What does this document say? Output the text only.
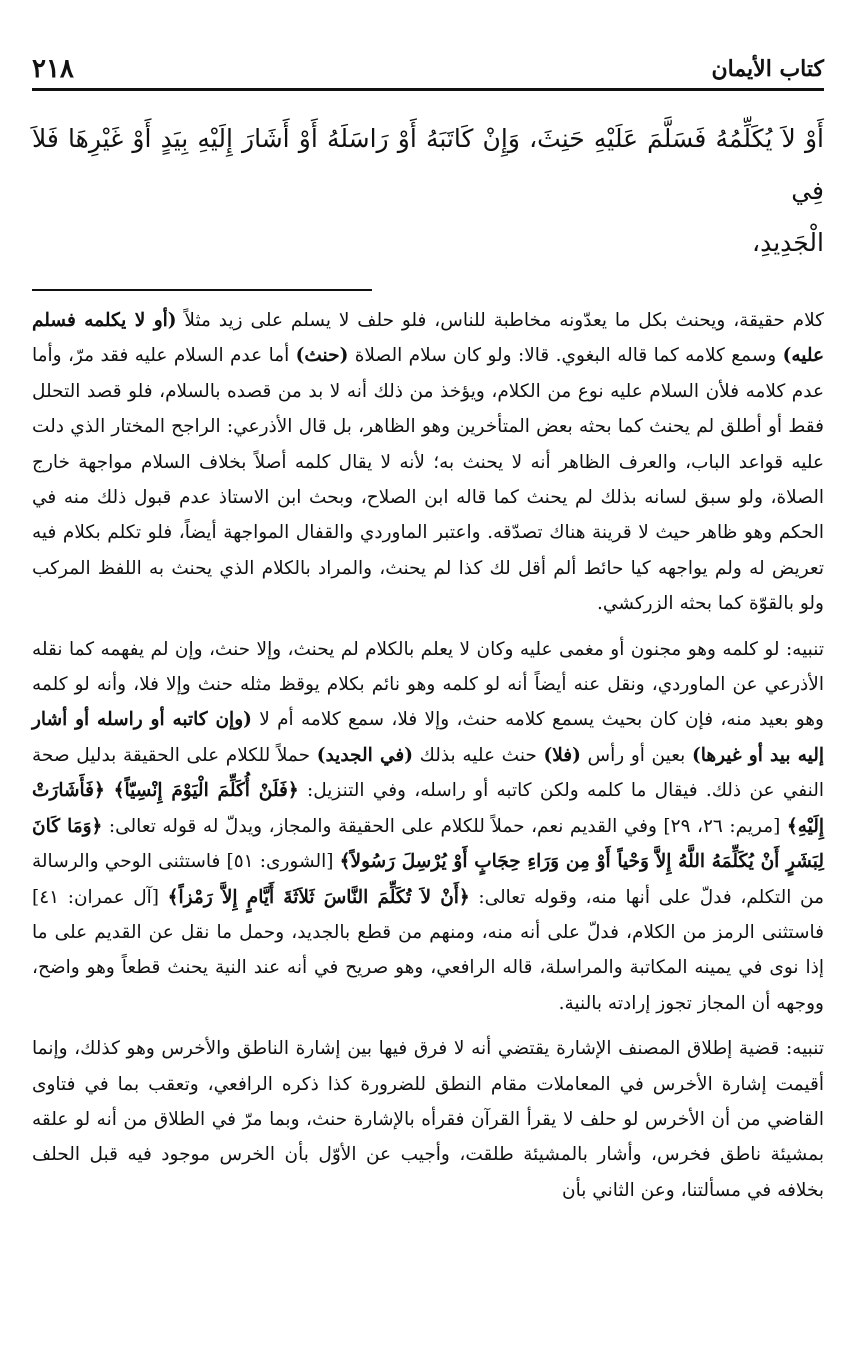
كتاب الأيمان
٢١٨
أَوْ لاَ يُكَلِّمُهُ فَسَلَّمَ عَلَيْهِ حَنِثَ، وَإِنْ كَاتَبَهُ أَوْ رَاسَلَهُ أَوْ أَشَارَ إِلَيْهِ بِيَدٍ أَوْ غَيْرِهَا فَلاَ فِي
الْجَدِيدِ،

كلام حقيقة، ويحنث بكل ما يعدّونه مخاطبة للناس، فلو حلف لا يسلم على زيد مثلاً (أو لا يكلمه فسلم عليه) وسمع كلامه كما قاله البغوي. قالا: ولو كان سلام الصلاة (حنث) أما عدم السلام عليه فقد مرّ، وأما عدم كلامه فلأن السلام عليه نوع من الكلام، ويؤخذ من ذلك أنه لا بد من قصده بالسلام، فلو قصد التحلل فقط أو أطلق لم يحنث كما بحثه بعض المتأخرين وهو الظاهر، بل قال الأذرعي: الراجح المختار الذي دلت عليه قواعد الباب، والعرف الظاهر أنه لا يحنث به؛ لأنه لا يقال كلمه أصلاً بخلاف السلام مواجهة خارج الصلاة، ولو سبق لسانه بذلك لم يحنث كما قاله ابن الصلاح، وبحث ابن الاستاذ عدم قبول ذلك منه في الحكم وهو ظاهر حيث لا قرينة هناك تصدّقه. واعتبر الماوردي والقفال المواجهة أيضاً، فلو تكلم بكلام فيه تعريض له ولم يواجهه كيا حائط ألم أقل لك كذا لم يحنث، والمراد بالكلام الذي يحنث به اللفظ المركب ولو بالقوّة كما بحثه الزركشي.

تنبيه: لو كلمه وهو مجنون أو مغمى عليه وكان لا يعلم بالكلام لم يحنث، وإلا حنث، وإن لم يفهمه كما نقله الأذرعي عن الماوردي، ونقل عنه أيضاً أنه لو كلمه وهو نائم بكلام يوقظ مثله حنث وإلا فلا، وأنه لو كلمه وهو بعيد منه، فإن كان بحيث يسمع كلامه حنث، وإلا فلا، سمع كلامه أم لا (وإن كاتبه أو راسله أو أشار إليه بيد أو غيرها) بعين أو رأس (فلا) حنث عليه بذلك (في الجديد) حملاً للكلام على الحقيقة بدليل صحة النفي عن ذلك. فيقال ما كلمه ولكن كاتبه أو راسله، وفي التنزيل: ﴿فَلَنْ أُكَلِّمَ الْيَوْمَ إِنْسِيّاً﴾ ﴿فَأَشَارَتْ إِلَيْهِ﴾ [مريم: ٢٦، ٢٩] وفي القديم نعم، حملاً للكلام على الحقيقة والمجاز، ويدلّ له قوله تعالى: ﴿وَمَا كَانَ لِبَشَرٍ أَنْ يُكَلِّمَهُ اللَّهُ إِلاَّ وَحْياً أَوْ مِن وَرَاءِ حِجَابٍ أَوْ يُرْسِلَ رَسُولاً﴾ [الشورى: ٥١] فاستثنى الوحي والرسالة من التكلم، فدلّ على أنها منه، وقوله تعالى: ﴿أَنْ لاَ تُكَلِّمَ النَّاسَ ثَلاَثَةَ أَيَّامٍ إِلاَّ رَمْزاً﴾ [آل عمران: ٤١] فاستثنى الرمز من الكلام، فدلّ على أنه منه، ومنهم من قطع بالجديد، وحمل ما نقل عن القديم على ما إذا نوى في يمينه المكاتبة والمراسلة، قاله الرافعي، وهو صريح في أنه عند النية يحنث قطعاً وهو واضح، ووجهه أن المجاز تجوز إرادته بالنية.

تنبيه: قضية إطلاق المصنف الإشارة يقتضي أنه لا فرق فيها بين إشارة الناطق والأخرس وهو كذلك، وإنما أقيمت إشارة الأخرس في المعاملات مقام النطق للضرورة كذا ذكره الرافعي، وتعقب بما في فتاوى القاضي من أن الأخرس لو حلف لا يقرأ القرآن فقرأه بالإشارة حنث، وبما مرّ في الطلاق من أنه لو علقه بمشيئة ناطق فخرس، وأشار بالمشيئة طلقت، وأجيب عن الأوّل بأن الخرس موجود فيه قبل الحلف بخلافه في مسألتنا، وعن الثاني بأن
